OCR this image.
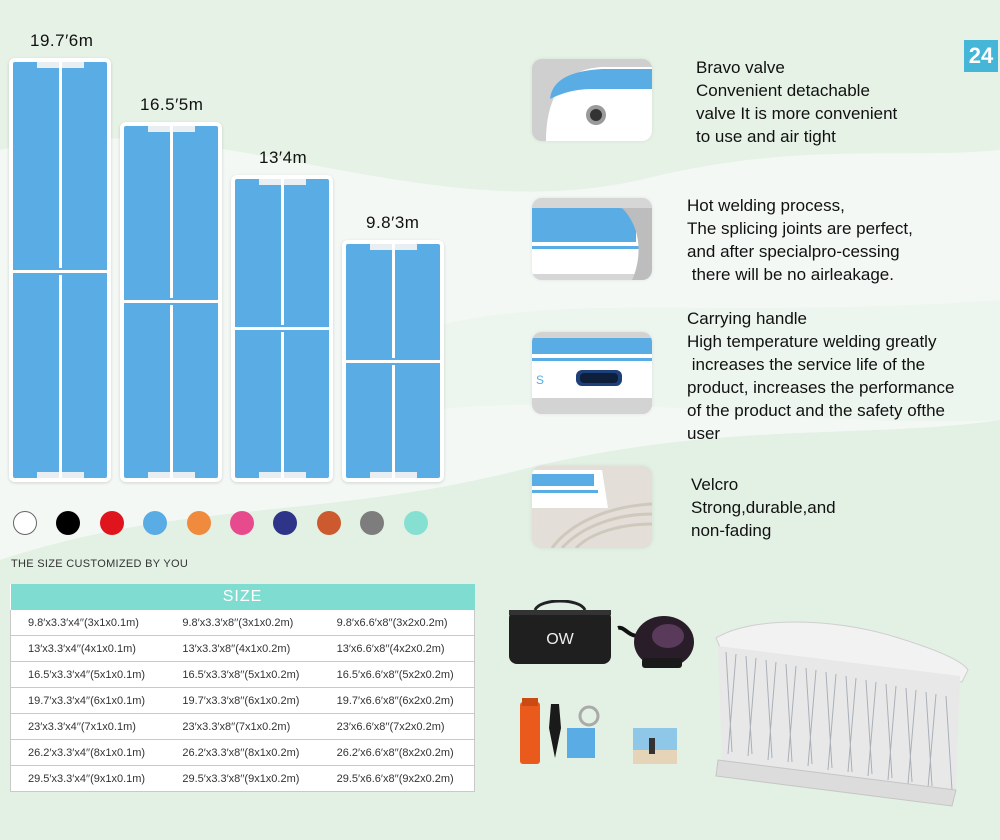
24
19.7′6m
16.5′5m
13′4m
9.8′3m
THE SIZE CUSTOMIZED BY YOU
SIZE		
9.8′x3.3′x4′′(3x1x0.1m)	9.8′x3.3′x8′′(3x1x0.2m)	9.8′x6.6′x8′′(3x2x0.2m)
13′x3.3′x4′′(4x1x0.1m)	13′x3.3′x8′′(4x1x0.2m)	13′x6.6′x8′′(4x2x0.2m)
16.5′x3.3′x4′′(5x1x0.1m)	16.5′x3.3′x8′′(5x1x0.2m)	16.5′x6.6′x8′′(5x2x0.2m)
19.7′x3.3′x4′′(6x1x0.1m)	19.7′x3.3′x8′′(6x1x0.2m)	19.7′x6.6′x8′′(6x2x0.2m)
23′x3.3′x4′′(7x1x0.1m)	23′x3.3′x8′′(7x1x0.2m)	23′x6.6′x8′′(7x2x0.2m)
26.2′x3.3′x4′′(8x1x0.1m)	26.2′x3.3′x8′′(8x1x0.2m)	26.2′x6.6′x8′′(8x2x0.2m)
29.5′x3.3′x4′′(9x1x0.1m)	29.5′x3.3′x8′′(9x1x0.2m)	29.5′x6.6′x8′′(9x2x0.2m)
S
Bravo valve
Convenient detachable
valve It is more convenient
to use and air tight
Hot welding process,
The splicing joints are perfect,
and after specialpro-cessing
there will be no airleakage.
Carrying handle
High temperature welding greatly
increases the service life of the
product, increases the performance
of the product and the safety ofthe
user
Velcro
Strong,durable,and
non-fading
OW
